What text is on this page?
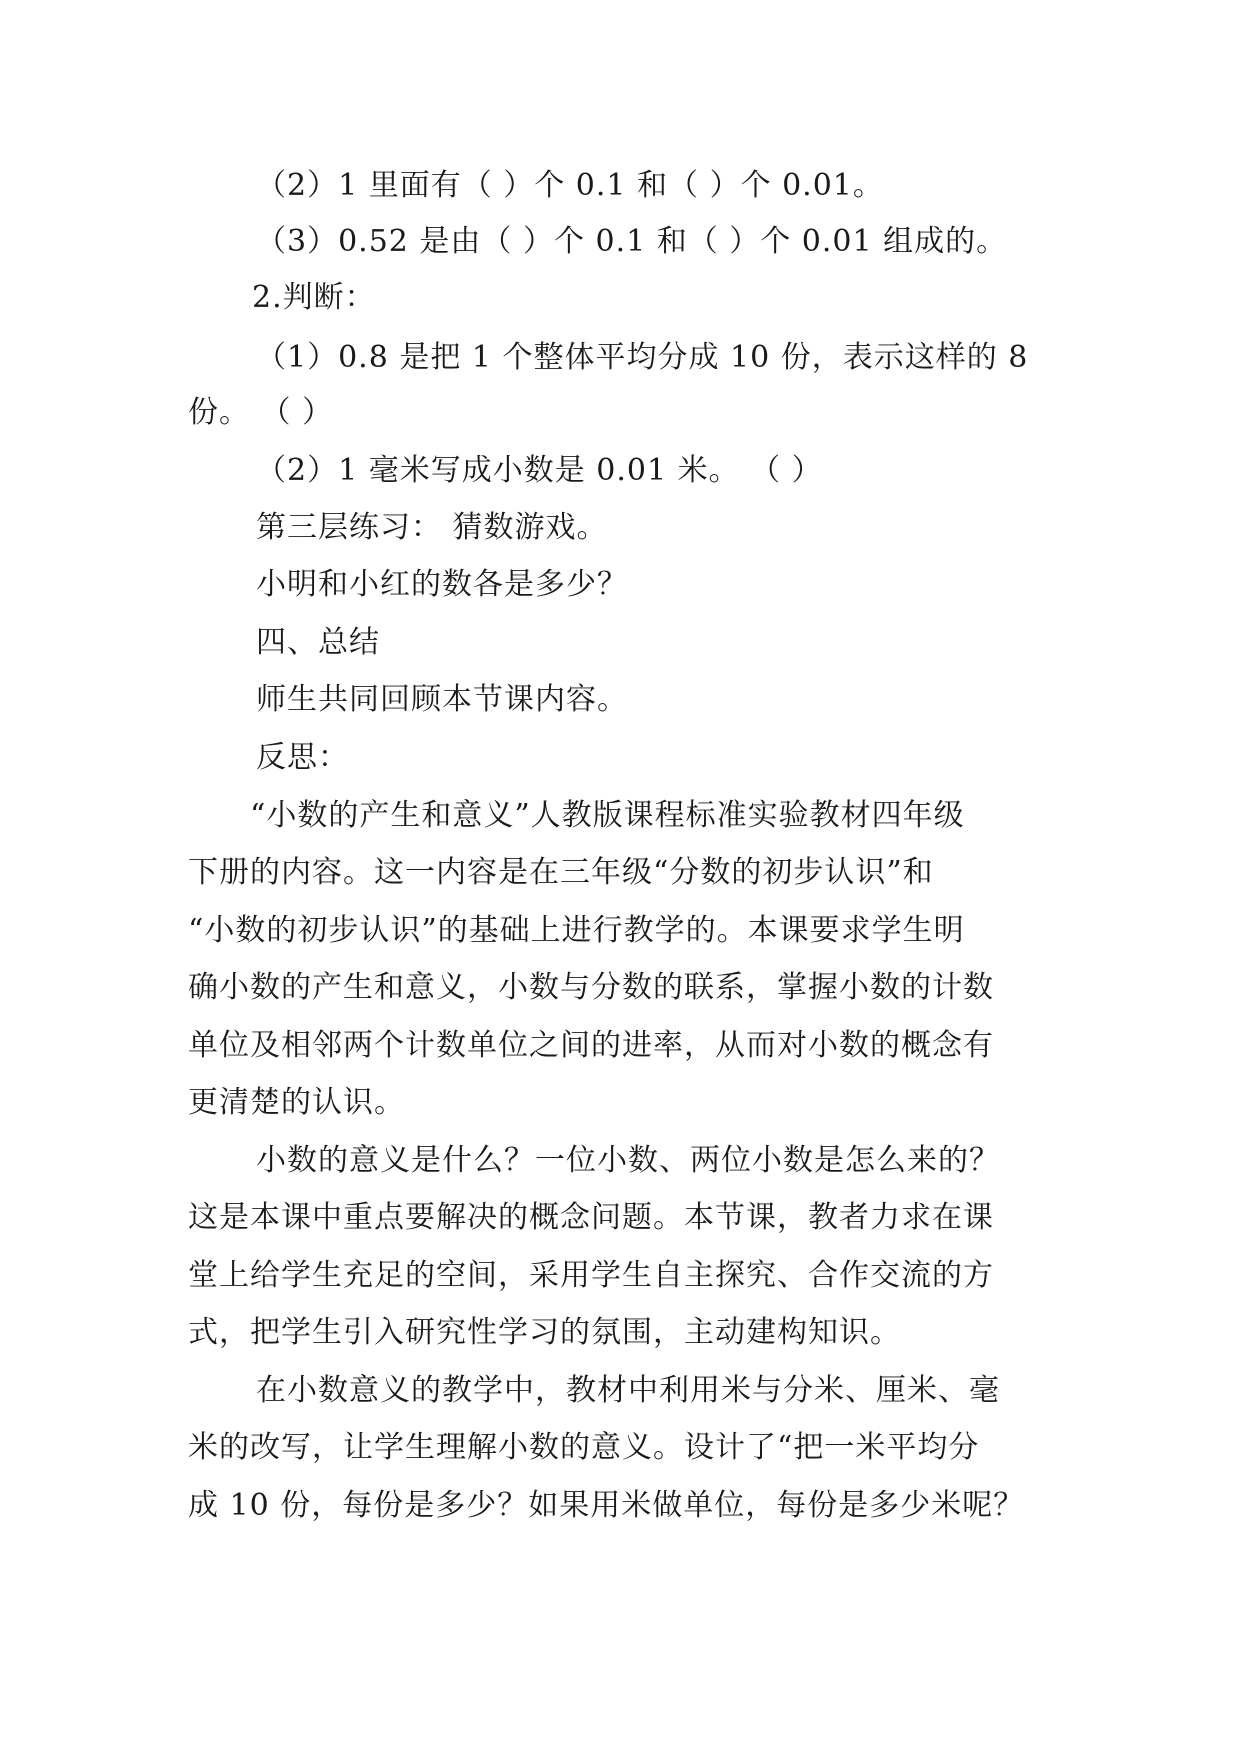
（2）1 里面有（ ）个 0.1 和（ ）个 0.01。
（3）0.52 是由（ ）个 0.1 和（ ）个 0.01 组成的。
2.判断：
（1）0.8 是把 1 个整体平均分成 10 份，表示这样的 8
份。 （ ）
（2）1 毫米写成小数是 0.01 米。 （ ）
第三层练习： 猜数游戏。
小明和小红的数各是多少？
四、总结
师生共同回顾本节课内容。
反思：
“小数的产生和意义”人教版课程标准实验教材四年级
下册的内容。这一内容是在三年级“分数的初步认识”和
“小数的初步认识”的基础上进行教学的。本课要求学生明
确小数的产生和意义，小数与分数的联系，掌握小数的计数
单位及相邻两个计数单位之间的进率，从而对小数的概念有
更清楚的认识。
小数的意义是什么？一位小数、两位小数是怎么来的？
这是本课中重点要解决的概念问题。本节课，教者力求在课
堂上给学生充足的空间，采用学生自主探究、合作交流的方
式，把学生引入研究性学习的氛围，主动建构知识。
在小数意义的教学中，教材中利用米与分米、厘米、毫
米的改写，让学生理解小数的意义。设计了“把一米平均分
成 10 份，每份是多少？如果用米做单位，每份是多少米呢？
